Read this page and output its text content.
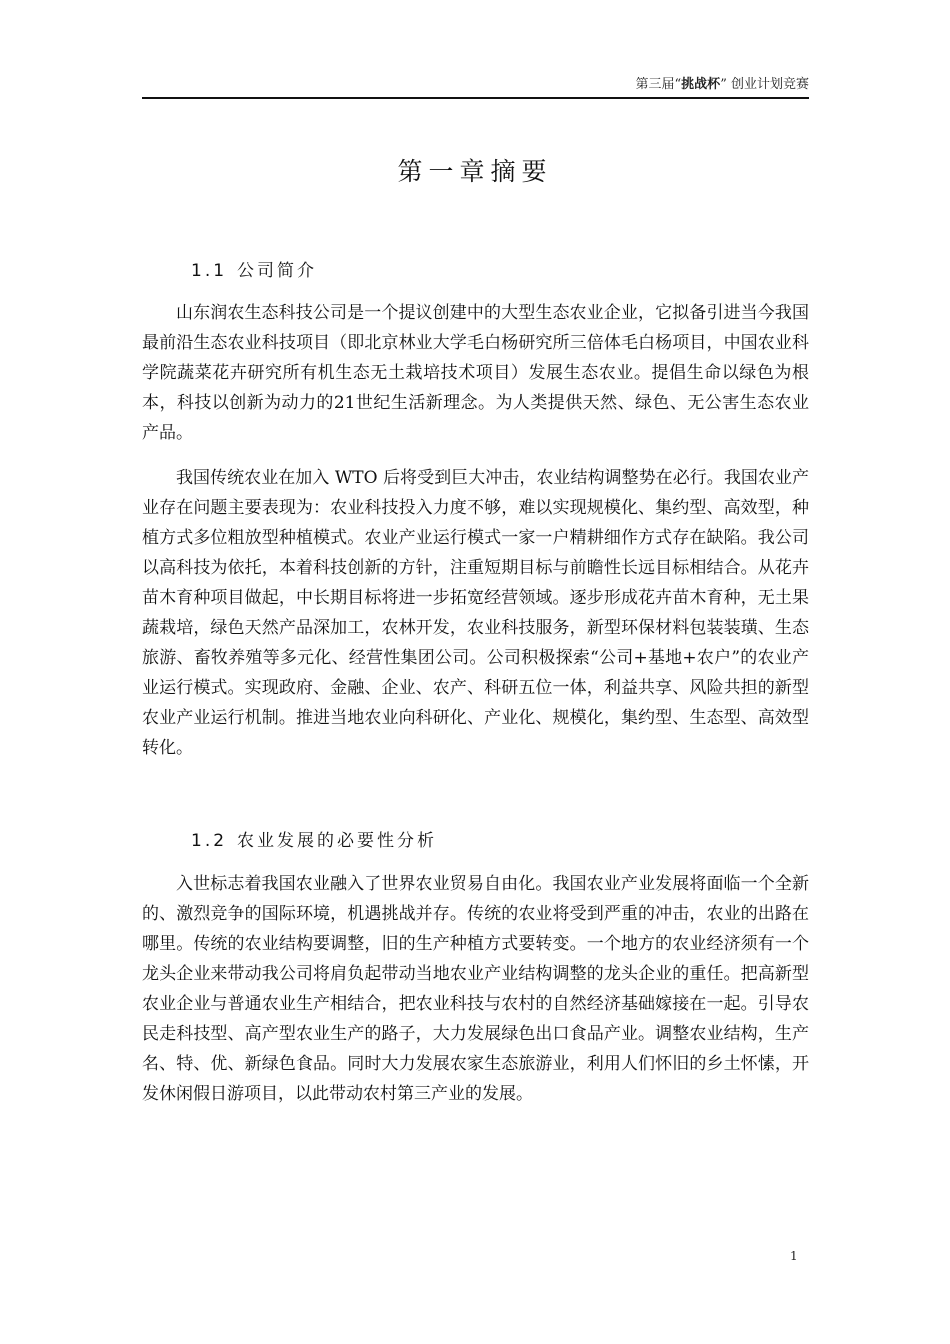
第三届“挑战杯” 创业计划竞赛
第一章摘要
1.1 公司简介
山东润农生态科技公司是一个提议创建中的大型生态农业企业，它拟备引进当今我国最前沿生态农业科技项目（即北京林业大学毛白杨研究所三倍体毛白杨项目，中国农业科学院蔬菜花卉研究所有机生态无土栽培技术项目）发展生态农业。提倡生命以绿色为根本，科技以创新为动力的21世纪生活新理念。为人类提供天然、绿色、无公害生态农业产品。
我国传统农业在加入 WTO 后将受到巨大冲击，农业结构调整势在必行。我国农业产业存在问题主要表现为：农业科技投入力度不够，难以实现规模化、集约型、高效型，种植方式多位粗放型种植模式。农业产业运行模式一家一户精耕细作方式存在缺陷。我公司以高科技为依托，本着科技创新的方针，注重短期目标与前瞻性长远目标相结合。从花卉苗木育种项目做起，中长期目标将进一步拓宽经营领域。逐步形成花卉苗木育种，无土果蔬栽培，绿色天然产品深加工，农林开发，农业科技服务，新型环保材料包装装璜、生态旅游、畜牧养殖等多元化、经营性集团公司。公司积极探索“公司+基地+农户”的农业产业运行模式。实现政府、金融、企业、农产、科研五位一体，利益共享、风险共担的新型农业产业运行机制。推进当地农业向科研化、产业化、规模化，集约型、生态型、高效型转化。
1.2 农业发展的必要性分析
入世标志着我国农业融入了世界农业贸易自由化。我国农业产业发展将面临一个全新的、激烈竞争的国际环境，机遇挑战并存。传统的农业将受到严重的冲击，农业的出路在哪里。传统的农业结构要调整，旧的生产种植方式要转变。一个地方的农业经济须有一个龙头企业来带动我公司将肩负起带动当地农业产业结构调整的龙头企业的重任。把高新型农业企业与普通农业生产相结合，把农业科技与农村的自然经济基础嫁接在一起。引导农民走科技型、高产型农业生产的路子，大力发展绿色出口食品产业。调整农业结构，生产名、特、优、新绿色食品。同时大力发展农家生态旅游业，利用人们怀旧的乡土怀愫，开发休闲假日游项目，以此带动农村第三产业的发展。
1
